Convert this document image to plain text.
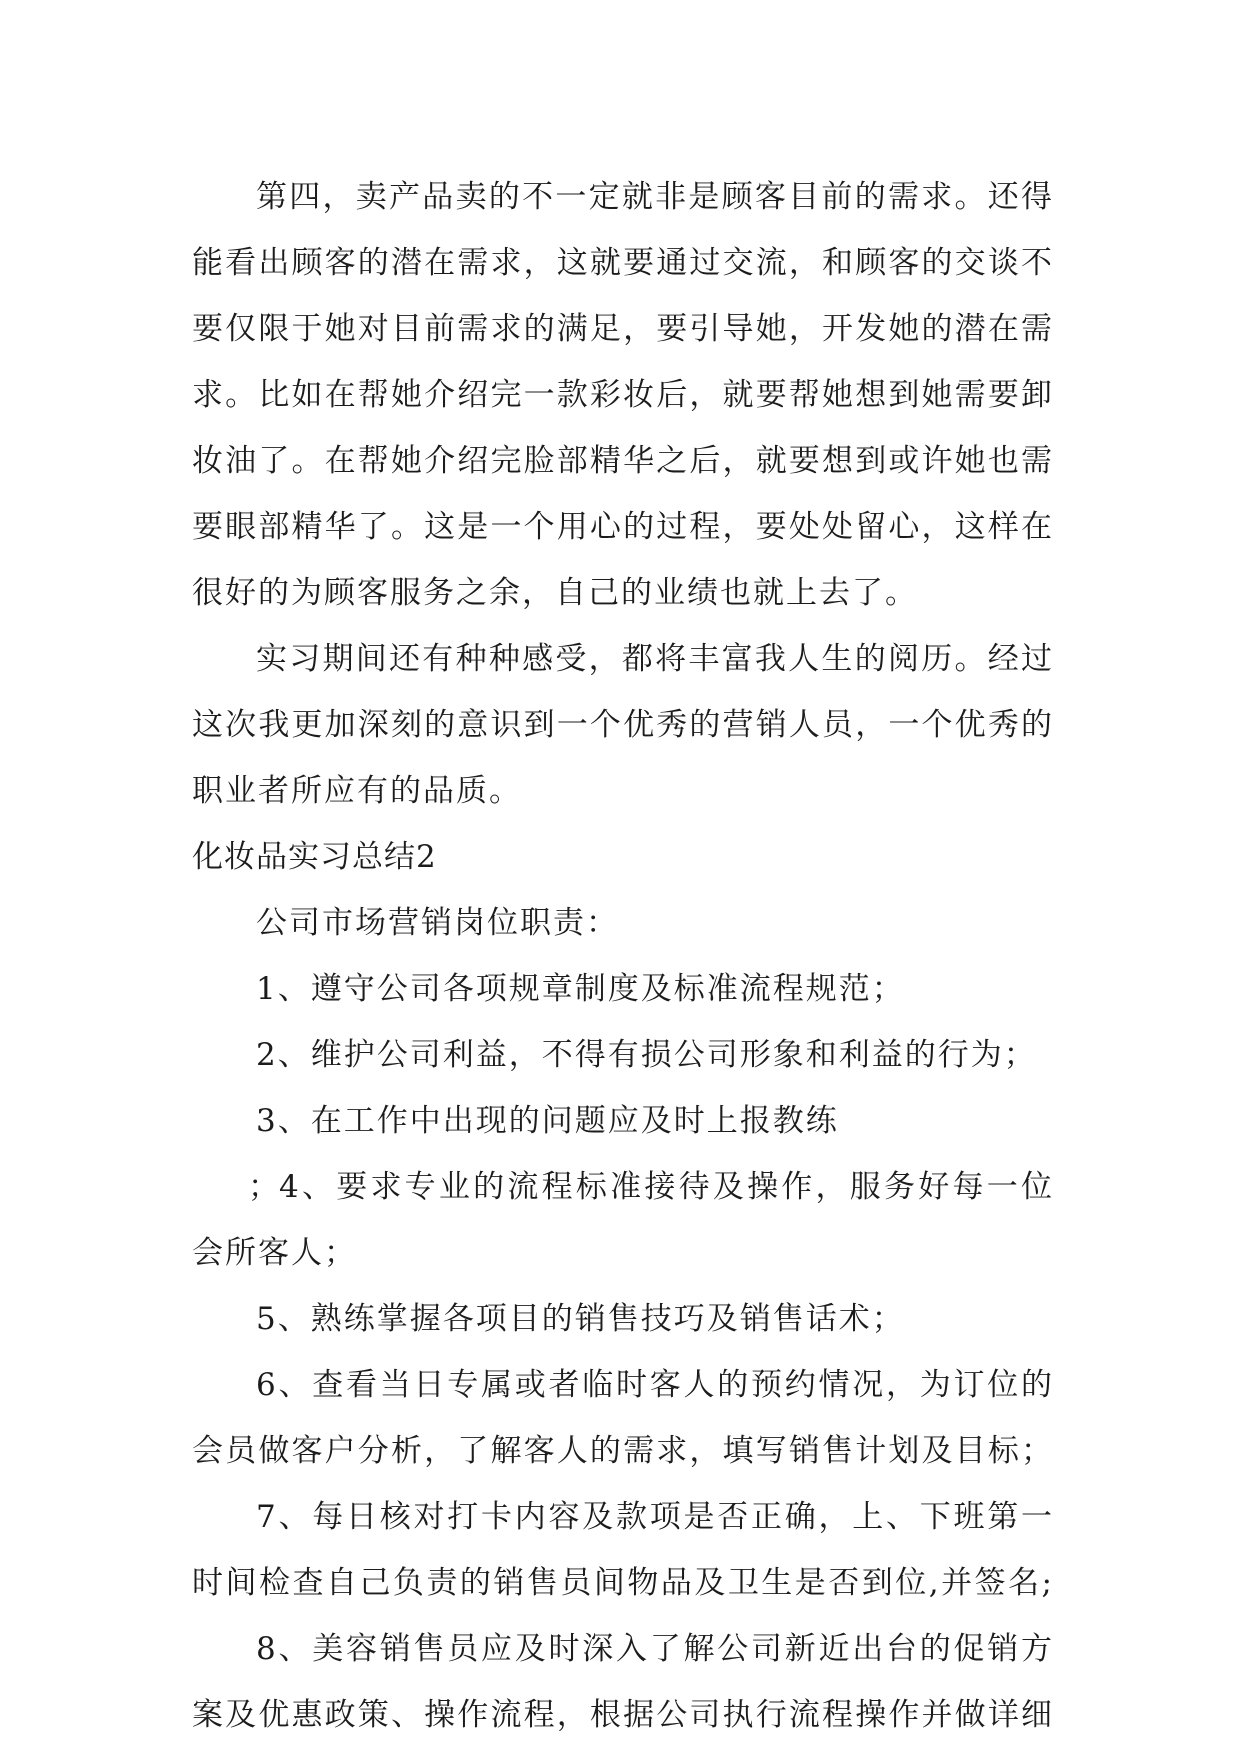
第四，卖产品卖的不一定就非是顾客目前的需求。还得
能看出顾客的潜在需求，这就要通过交流，和顾客的交谈不
要仅限于她对目前需求的满足，要引导她，开发她的潜在需
求。比如在帮她介绍完一款彩妆后，就要帮她想到她需要卸
妆油了。在帮她介绍完脸部精华之后，就要想到或许她也需
要眼部精华了。这是一个用心的过程，要处处留心，这样在
很好的为顾客服务之余，自己的业绩也就上去了。
实习期间还有种种感受，都将丰富我人生的阅历。经过
这次我更加深刻的意识到一个优秀的营销人员，一个优秀的
职业者所应有的品质。
化妆品实习总结2
公司市场营销岗位职责：
1、遵守公司各项规章制度及标准流程规范；
2、维护公司利益，不得有损公司形象和利益的行为；
3、在工作中出现的问题应及时上报教练
；4、要求专业的流程标准接待及操作，服务好每一位
会所客人；
5、熟练掌握各项目的销售技巧及销售话术；
6、查看当日专属或者临时客人的预约情况，为订位的
会员做客户分析，了解客人的需求，填写销售计划及目标；
7、每日核对打卡内容及款项是否正确，上、下班第一
时间检查自己负责的销售员间物品及卫生是否到位,并签名;
8、美容销售员应及时深入了解公司新近出台的促销方
案及优惠政策、操作流程，根据公司执行流程操作并做详细
